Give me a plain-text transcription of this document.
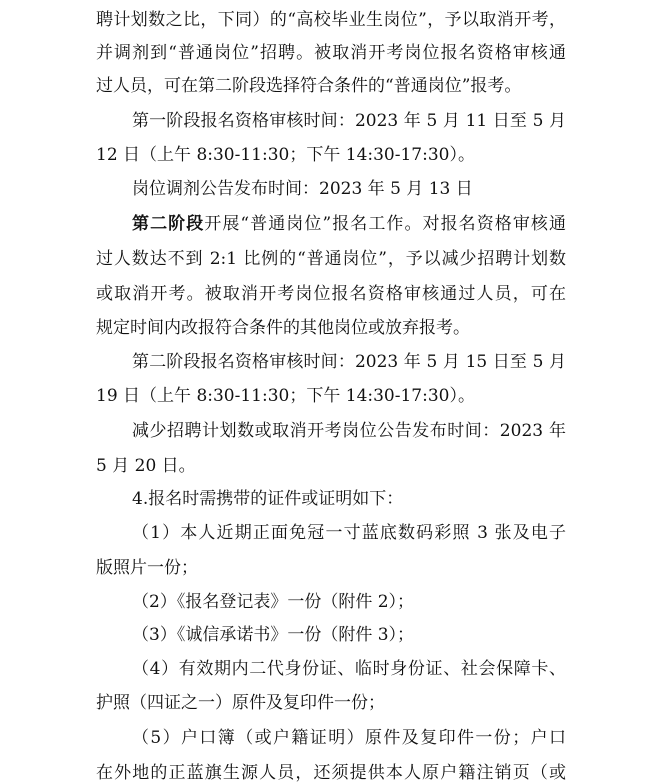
聘计划数之比，下同）的“高校毕业生岗位”，予以取消开考，
并调剂到“普通岗位”招聘。被取消开考岗位报名资格审核通
过人员，可在第二阶段选择符合条件的“普通岗位”报考。
第一阶段报名资格审核时间：2023 年 5 月 11 日至 5 月
12 日（上午 8:30-11:30；下午 14:30-17:30）。
岗位调剂公告发布时间：2023 年 5 月 13 日
第二阶段开展“普通岗位”报名工作。对报名资格审核通
过人数达不到 2:1 比例的“普通岗位”，予以减少招聘计划数
或取消开考。被取消开考岗位报名资格审核通过人员，可在
规定时间内改报符合条件的其他岗位或放弃报考。
第二阶段报名资格审核时间：2023 年 5 月 15 日至 5 月
19 日（上午 8:30-11:30；下午 14:30-17:30）。
减少招聘计划数或取消开考岗位公告发布时间：2023 年
5 月 20 日。
4.报名时需携带的证件或证明如下：
（1）本人近期正面免冠一寸蓝底数码彩照 3 张及电子
版照片一份；
（2）《报名登记表》一份（附件 2）；
（3）《诚信承诺书》一份（附件 3）；
（4）有效期内二代身份证、临时身份证、社会保障卡、
护照（四证之一）原件及复印件一份；
（5）户口簿（或户籍证明）原件及复印件一份；户口
在外地的正蓝旗生源人员，还须提供本人原户籍注销页（或
